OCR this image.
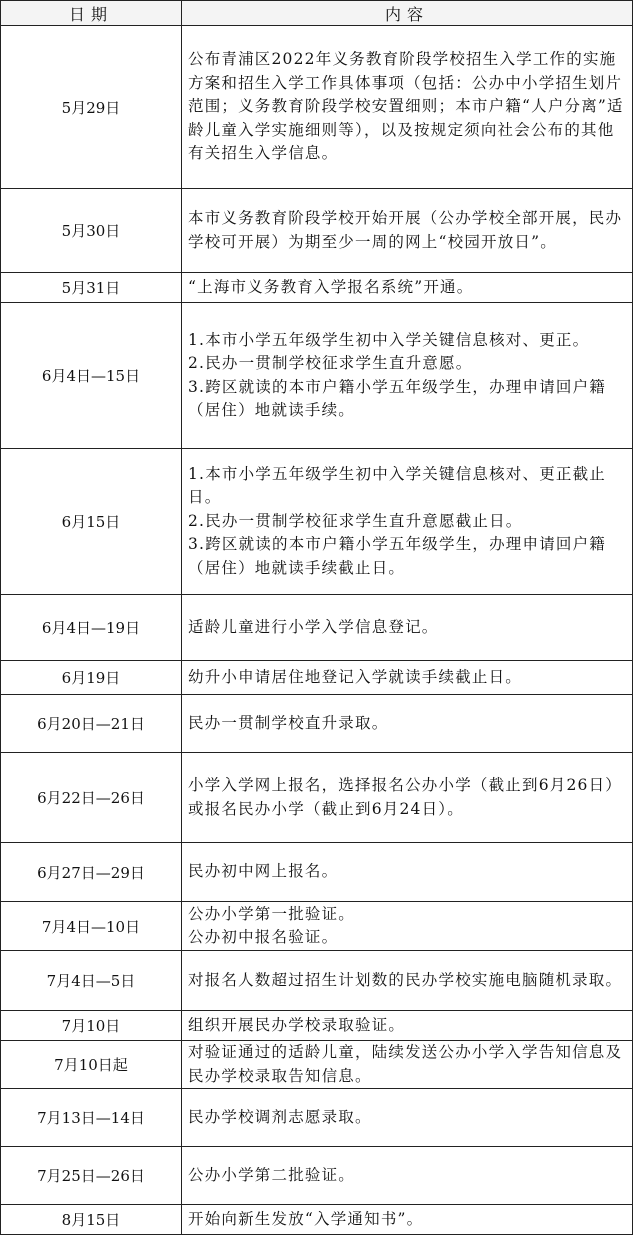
日期	内容
5月29日	公布青浦区2022年义务教育阶段学校招生入学工作的实施方案和招生入学工作具体事项（包括：公办中小学招生划片范围；义务教育阶段学校安置细则；本市户籍“人户分离”适龄儿童入学实施细则等），以及按规定须向社会公布的其他有关招生入学信息。

5月30日	本市义务教育阶段学校开始开展（公办学校全部开展，民办学校可开展）为期至少一周的网上“校园开放日”。

5月31日	“上海市义务教育入学报名系统”开通。

6月4日—15日	1.本市小学五年级学生初中入学关键信息核对、更正。
2.民办一贯制学校征求学生直升意愿。
3.跨区就读的本市户籍小学五年级学生，办理申请回户籍（居住）地就读手续。

6月15日	1.本市小学五年级学生初中入学关键信息核对、更正截止日。
2.民办一贯制学校征求学生直升意愿截止日。
3.跨区就读的本市户籍小学五年级学生，办理申请回户籍（居住）地就读手续截止日。

6月4日—19日	适龄儿童进行小学入学信息登记。

6月19日	幼升小申请居住地登记入学就读手续截止日。

6月20日—21日	民办一贯制学校直升录取。

6月22日—26日	小学入学网上报名，选择报名公办小学（截止到6月26日）或报名民办小学（截止到6月24日）。

6月27日—29日	民办初中网上报名。

7月4日—10日	公办小学第一批验证。
公办初中报名验证。

7月4日—5日	对报名人数超过招生计划数的民办学校实施电脑随机录取。

7月10日	组织开展民办学校录取验证。

7月10日起	对验证通过的适龄儿童，陆续发送公办小学入学告知信息及民办学校录取告知信息。

7月13日—14日	民办学校调剂志愿录取。

7月25日—26日	公办小学第二批验证。

8月15日	开始向新生发放“入学通知书”。
